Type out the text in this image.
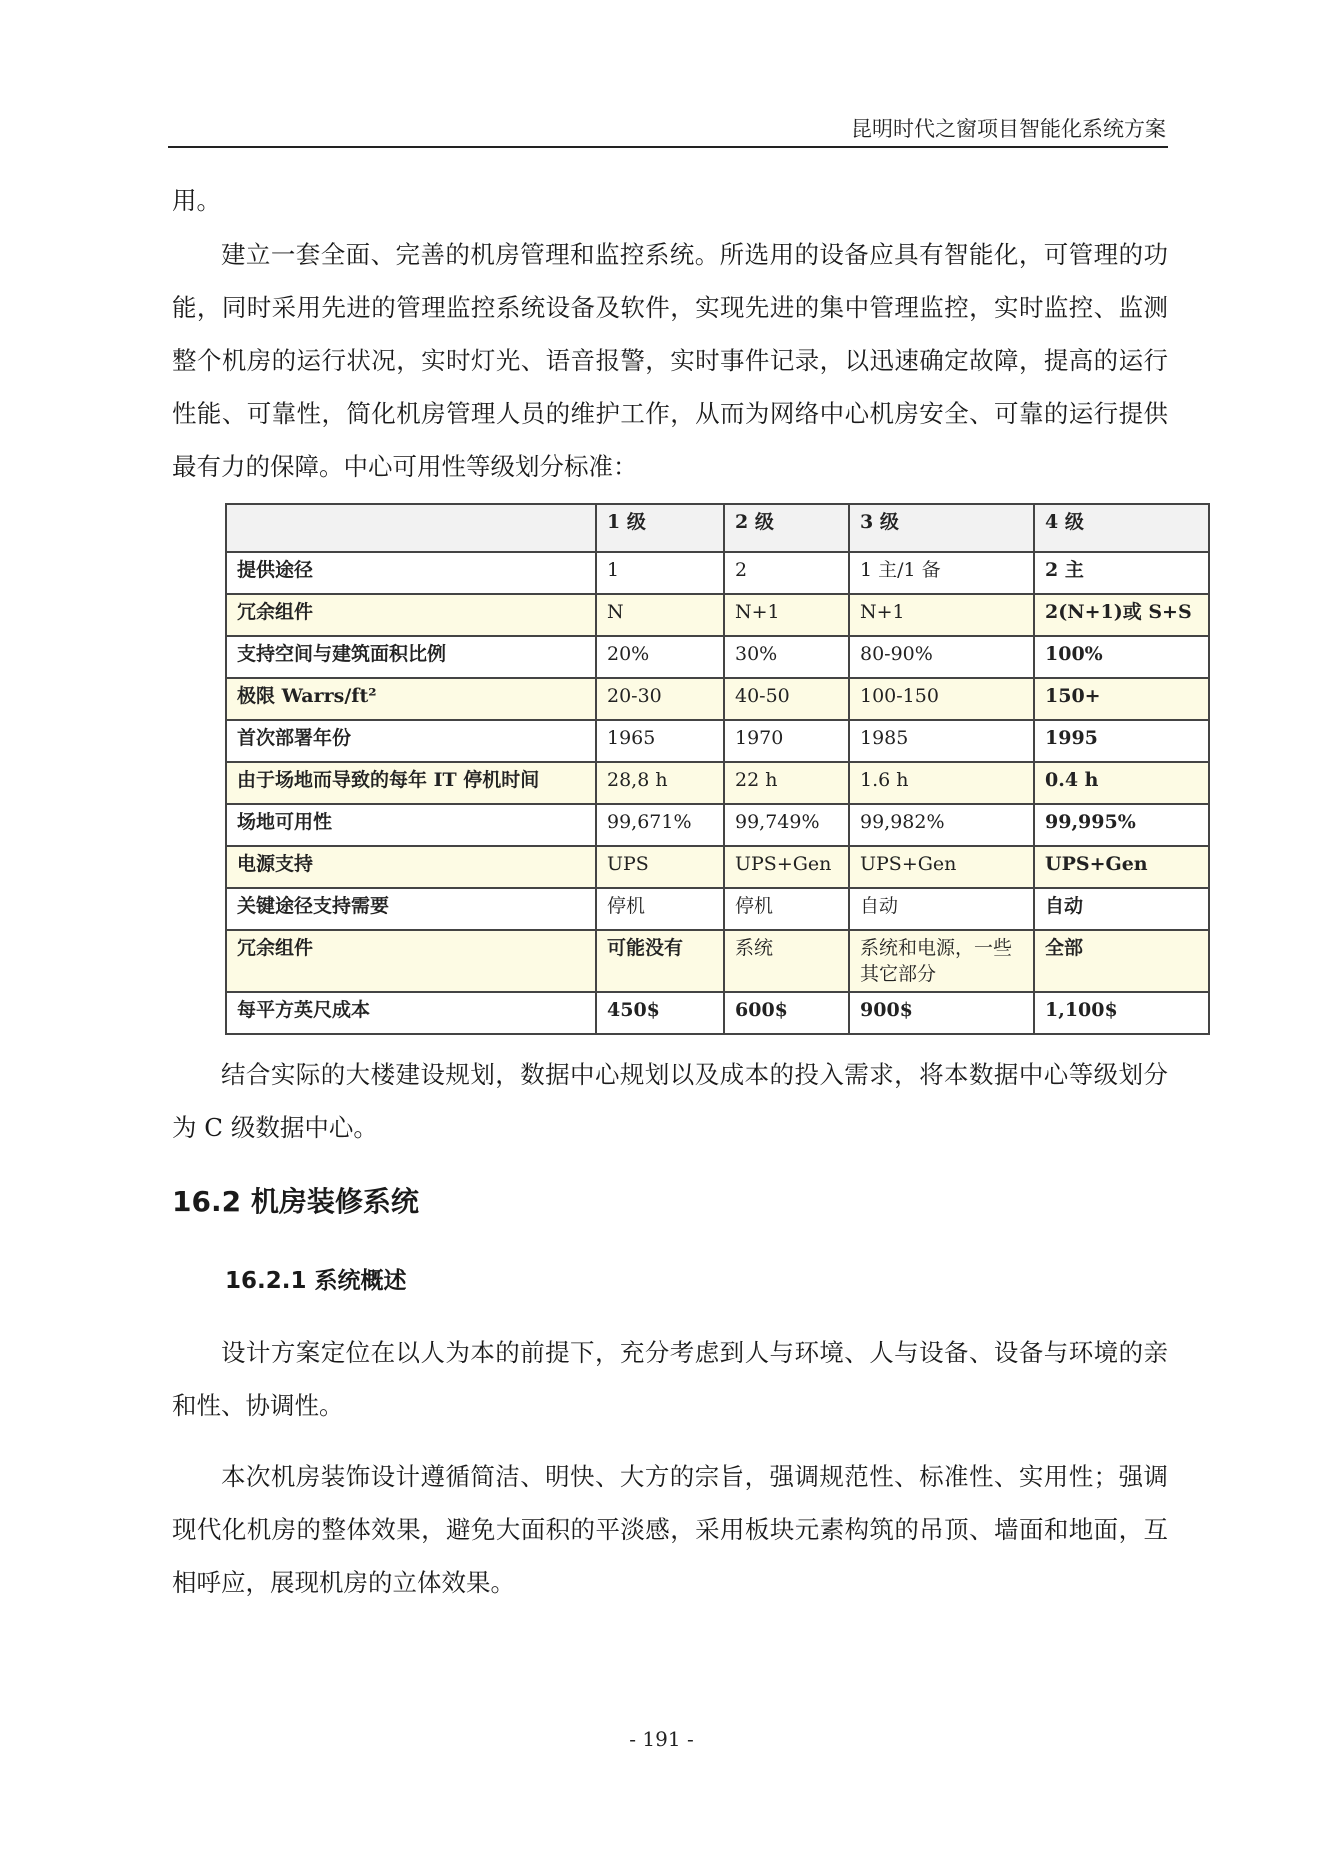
昆明时代之窗项目智能化系统方案

用。

建立一套全面、完善的机房管理和监控系统。所选用的设备应具有智能化，可管理的功能，同时采用先进的管理监控系统设备及软件，实现先进的集中管理监控，实时监控、监测整个机房的运行状况，实时灯光、语音报警，实时事件记录，以迅速确定故障，提高的运行性能、可靠性，简化机房管理人员的维护工作，从而为网络中心机房安全、可靠的运行提供最有力的保障。中心可用性等级划分标准：

	1 级	2 级	3 级	4 级
提供途径	1	2	1 主/1 备	2 主
冗余组件	N	N+1	N+1	2(N+1)或 S+S
支持空间与建筑面积比例	20%	30%	80-90%	100%
极限 Warrs/ft²	20-30	40-50	100-150	150+
首次部署年份	1965	1970	1985	1995
由于场地而导致的每年 IT 停机时间	28,8 h	22 h	1.6 h	0.4 h
场地可用性	99,671%	99,749%	99,982%	99,995%
电源支持	UPS	UPS+Gen	UPS+Gen	UPS+Gen
关键途径支持需要	停机	停机	自动	自动
冗余组件	可能没有	系统	系统和电源，一些其它部分	全部
每平方英尺成本	450$	600$	900$	1,100$

结合实际的大楼建设规划，数据中心规划以及成本的投入需求，将本数据中心等级划分为 C 级数据中心。

16.2 机房装修系统
16.2.1 系统概述

设计方案定位在以人为本的前提下，充分考虑到人与环境、人与设备、设备与环境的亲和性、协调性。

本次机房装饰设计遵循简洁、明快、大方的宗旨，强调规范性、标准性、实用性；强调现代化机房的整体效果，避免大面积的平淡感，采用板块元素构筑的吊顶、墙面和地面，互相呼应，展现机房的立体效果。

- 191 -
